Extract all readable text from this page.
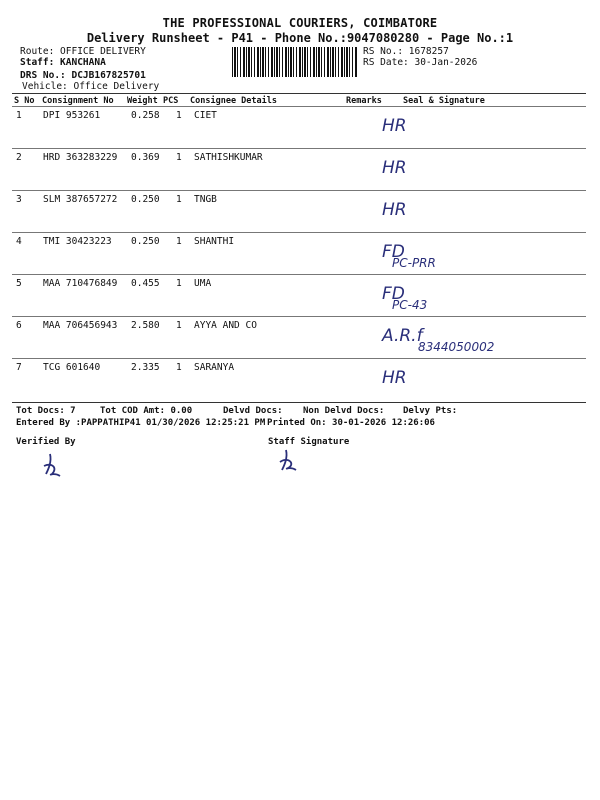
THE PROFESSIONAL COURIERS, COIMBATORE
Delivery Runsheet - P41 - Phone No.:9047080280 - Page No.:1
Route: OFFICE DELIVERY
Staff: KANCHANA
DRS No.: DCJB167825701
Vehicle: Office Delivery
RS No.: 1678257
RS Date: 30-Jan-2026
S No Consignment No Weight PCS Consignee Details	Remarks Seal & Signature
1 DPI 953261	0.258 1 CIET
HR
2 HRD 363283229 0.369 1 SATHISHKUMAR
HR
3 SLM 387657272 0.250 1 TNGB
HR
4 TMI 30423223 0.250 1 SHANTHI
FD
PC-PRR
5 MAA 710476849 0.455 1 UMA
FD
PC-43
6 MAA 706456943 2.580 1 AYYA AND CO
A.R.f
8344050002
7 TCG 601640	2.335 1 SARANYA
HR
Tot Docs: 7	Tot COD Amt: 0.00	Delvd Docs: Non Delvd Docs: Delvy Pts:
Entered By :PAPPATHIP41 01/30/2026 12:25:21 PM Printed On: 30-01-2026 12:26:06
Verified By	Staff Signature
